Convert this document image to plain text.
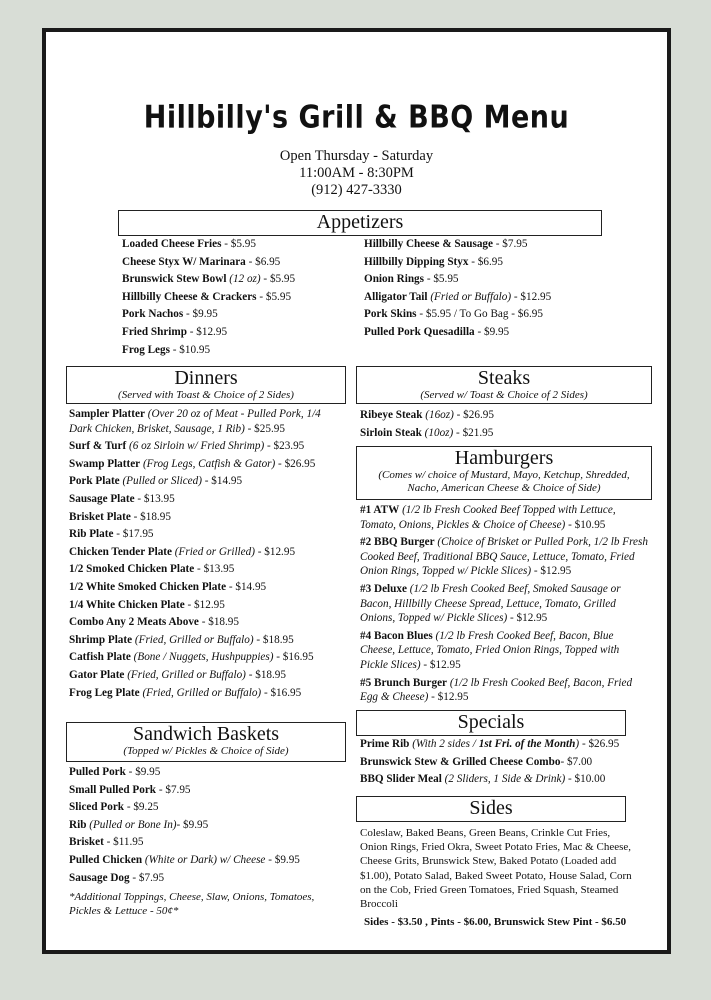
Hillbilly's Grill & BBQ Menu
Open Thursday - Saturday
11:00AM - 8:30PM
(912) 427-3330
Appetizers
Loaded Cheese Fries - $5.95
Cheese Styx W/ Marinara - $6.95
Brunswick Stew Bowl (12 oz) - $5.95
Hillbilly Cheese & Crackers - $5.95
Pork Nachos - $9.95
Fried Shrimp - $12.95
Frog Legs - $10.95
Hillbilly Cheese & Sausage - $7.95
Hillbilly Dipping Styx - $6.95
Onion Rings - $5.95
Alligator Tail (Fried or Buffalo) - $12.95
Pork Skins - $5.95 / To Go Bag - $6.95
Pulled Pork Quesadilla - $9.95
Dinners
(Served with Toast & Choice of 2 Sides)
Sampler Platter (Over 20 oz of Meat - Pulled Pork, 1/4 Dark Chicken, Brisket, Sausage, 1 Rib) - $25.95
Surf & Turf (6 oz Sirloin w/ Fried Shrimp) - $23.95
Swamp Platter (Frog Legs, Catfish & Gator) - $26.95
Pork Plate (Pulled or Sliced) - $14.95
Sausage Plate - $13.95
Brisket Plate - $18.95
Rib Plate - $17.95
Chicken Tender Plate (Fried or Grilled) - $12.95
1/2 Smoked Chicken Plate - $13.95
1/2 White Smoked Chicken Plate - $14.95
1/4 White Chicken Plate - $12.95
Combo Any 2 Meats Above - $18.95
Shrimp Plate (Fried, Grilled or Buffalo) - $18.95
Catfish Plate (Bone / Nuggets, Hushpuppies) - $16.95
Gator Plate (Fried, Grilled or Buffalo) - $18.95
Frog Leg Plate (Fried, Grilled or Buffalo) - $16.95
Sandwich Baskets
(Topped w/ Pickles & Choice of Side)
Pulled Pork - $9.95
Small Pulled Pork - $7.95
Sliced Pork - $9.25
Rib (Pulled or Bone In)- $9.95
Brisket - $11.95
Pulled Chicken (White or Dark) w/ Cheese - $9.95
Sausage Dog - $7.95
*Additional Toppings, Cheese, Slaw, Onions, Tomatoes, Pickles & Lettuce - 50¢*
Steaks
(Served w/ Toast & Choice of 2 Sides)
Ribeye Steak (16oz) - $26.95
Sirloin Steak (10oz) - $21.95
Hamburgers
(Comes w/ choice of Mustard, Mayo, Ketchup, Shredded, Nacho, American Cheese & Choice of Side)
#1 ATW (1/2 lb Fresh Cooked Beef Topped with Lettuce, Tomato, Onions, Pickles & Choice of Cheese) - $10.95
#2 BBQ Burger (Choice of Brisket or Pulled Pork, 1/2 lb Fresh Cooked Beef, Traditional BBQ Sauce, Lettuce, Tomato, Fried Onion Rings, Topped w/ Pickle Slices) - $12.95
#3 Deluxe (1/2 lb Fresh Cooked Beef, Smoked Sausage or Bacon, Hillbilly Cheese Spread, Lettuce, Tomato, Grilled Onions, Topped w/ Pickle Slices) - $12.95
#4 Bacon Blues (1/2 lb Fresh Cooked Beef, Bacon, Blue Cheese, Lettuce, Tomato, Fried Onion Rings, Topped with Pickle Slices) - $12.95
#5 Brunch Burger (1/2 lb Fresh Cooked Beef, Bacon, Fried Egg & Cheese) - $12.95
Specials
Prime Rib (With 2 sides / 1st Fri. of the Month) - $26.95
Brunswick Stew & Grilled Cheese Combo- $7.00
BBQ Slider Meal (2 Sliders, 1 Side & Drink) - $10.00
Sides
Coleslaw, Baked Beans, Green Beans, Crinkle Cut Fries, Onion Rings, Fried Okra, Sweet Potato Fries, Mac & Cheese, Cheese Grits, Brunswick Stew, Baked Potato (Loaded add $1.00), Potato Salad, Baked Sweet Potato, House Salad, Corn on the Cob, Fried Green Tomatoes, Fried Squash, Steamed Broccoli
Sides - $3.50 , Pints - $6.00, Brunswick Stew Pint - $6.50
